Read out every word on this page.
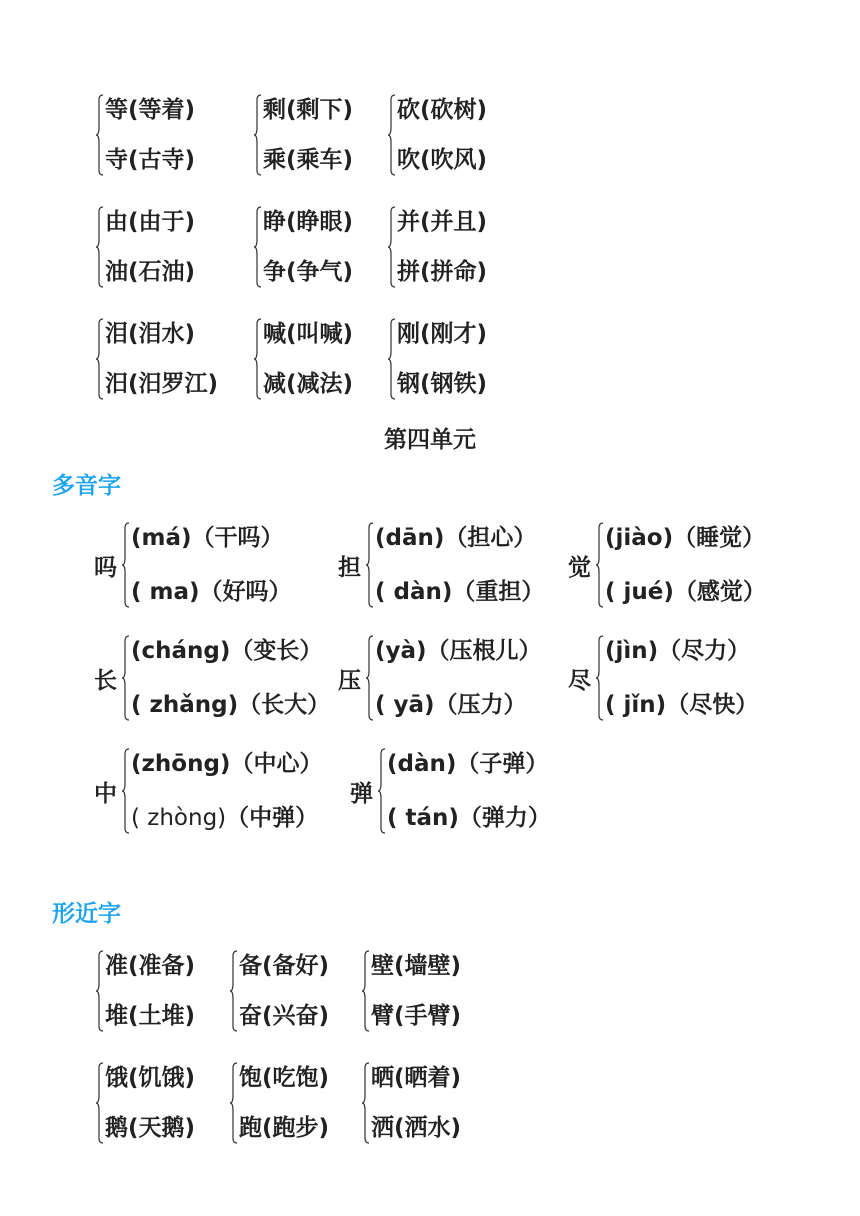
等(等着)
寺(古寺)
剩(剩下)
乘(乘车)
砍(砍树)
吹(吹风)
由(由于)
油(石油)
睁(睁眼)
争(争气)
并(并且)
拼(拼命)
泪(泪水)
汨(汨罗江)
喊(叫喊)
减(减法)
刚(刚才)
钢(钢铁)
第四单元
多音字
吗
(má)（干吗）
( ma)（好吗）
担
(dān)（担心）
( dàn)（重担）
觉
(jiào)（睡觉）
( jué)（感觉）
长
(cháng)（变长）
( zhǎng)（长大）
压
(yà)（压根儿）
( yā)（压力）
尽
(jìn)（尽力）
( jǐn)（尽快）
中
(zhōng)（中心）
( zhòng)（中弹）
弹
(dàn)（子弹）
( tán)（弹力）
形近字
准(准备)
堆(土堆)
备(备好)
奋(兴奋)
壁(墙壁)
臂(手臂)
饿(饥饿)
鹅(天鹅)
饱(吃饱)
跑(跑步)
晒(晒着)
洒(洒水)
